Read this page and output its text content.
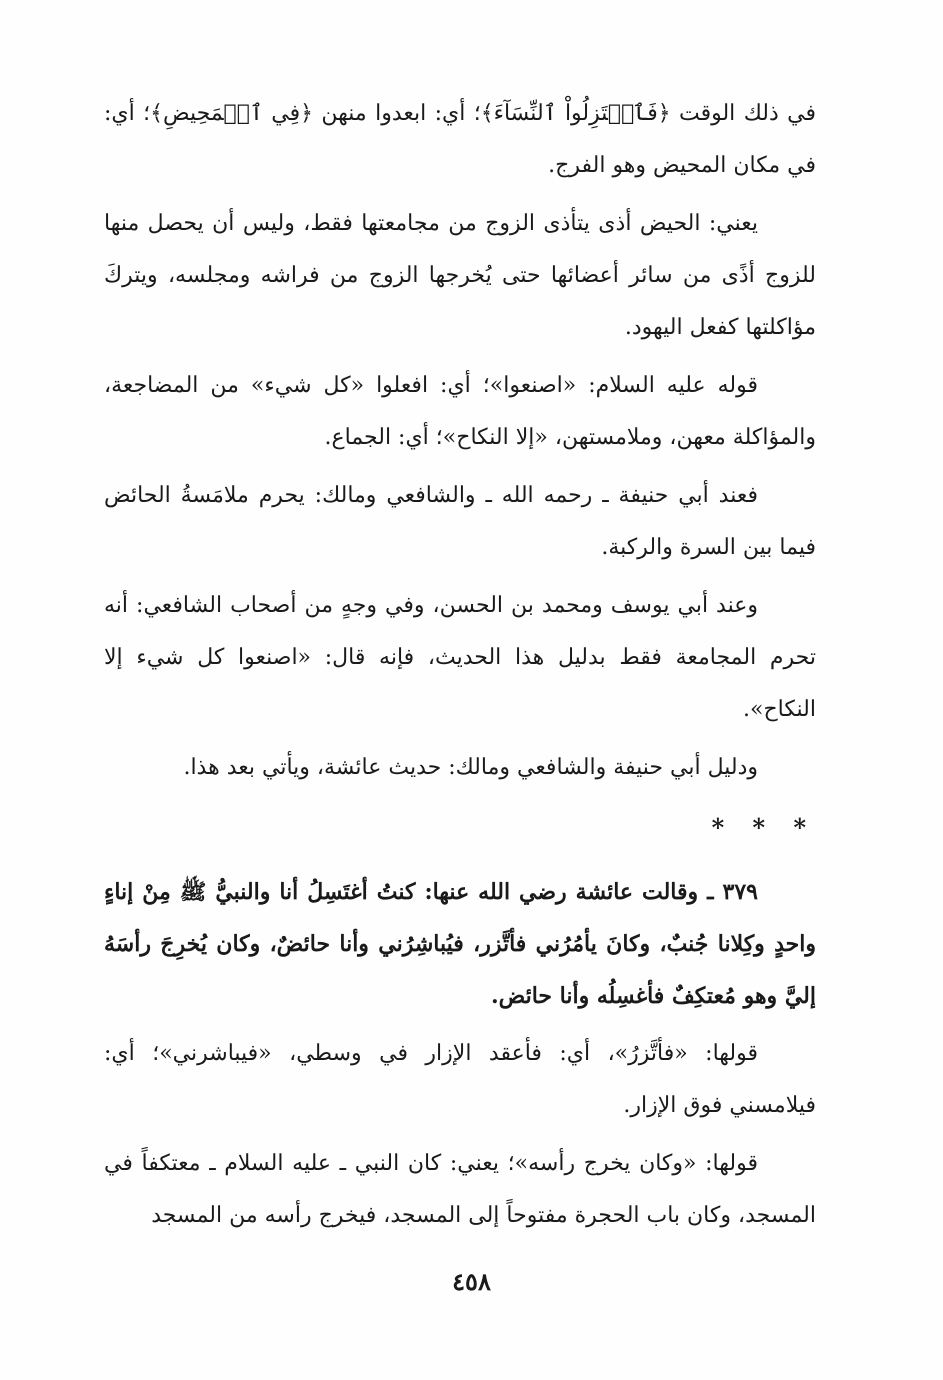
في ذلك الوقت ﴿فَٱعۡتَزِلُواْ ٱلنِّسَآءَ﴾؛ أي: ابعدوا منهن ﴿فِي ٱلۡمَحِيضِ﴾؛ أي: في مكان المحيض وهو الفرج.

يعني: الحيض أذى يتأذى الزوج من مجامعتها فقط، وليس أن يحصل منها للزوج أذًى من سائر أعضائها حتى يُخرجها الزوج من فراشه ومجلسه، ويتركَ مؤاكلتها كفعل اليهود.

قوله عليه السلام: «اصنعوا»؛ أي: افعلوا «كل شيء» من المضاجعة، والمؤاكلة معهن، وملامستهن، «إلا النكاح»؛ أي: الجماع.

فعند أبي حنيفة ـ رحمه الله ـ والشافعي ومالك: يحرم ملامَسةُ الحائض فيما بين السرة والركبة.

وعند أبي يوسف ومحمد بن الحسن، وفي وجهٍ من أصحاب الشافعي: أنه تحرم المجامعة فقط بدليل هذا الحديث، فإنه قال: «اصنعوا كل شيء إلا النكاح».

ودليل أبي حنيفة والشافعي ومالك: حديث عائشة، ويأتي بعد هذا.

* * *

٣٧٩ ـ وقالت عائشة رضي الله عنها: كنتُ أغتَسِلُ أنا والنبيُّ ﷺ مِنْ إناءٍ واحدٍ وكِلانا جُنبٌ، وكانَ يأمُرُني فأتَّزر، فيُباشِرُني وأنا حائضٌ، وكان يُخرِجَ رأسَهُ إليَّ وهو مُعتكِفٌ فأغسِلُه وأنا حائض.

قولها: «فأتَّزرُ»، أي: فأعقد الإزار في وسطي، «فيباشرني»؛ أي: فيلامسني فوق الإزار.

قولها: «وكان يخرج رأسه»؛ يعني: كان النبي ـ عليه السلام ـ معتكفاً في المسجد، وكان باب الحجرة مفتوحاً إلى المسجد، فيخرج رأسه من المسجد

٤٥٨
